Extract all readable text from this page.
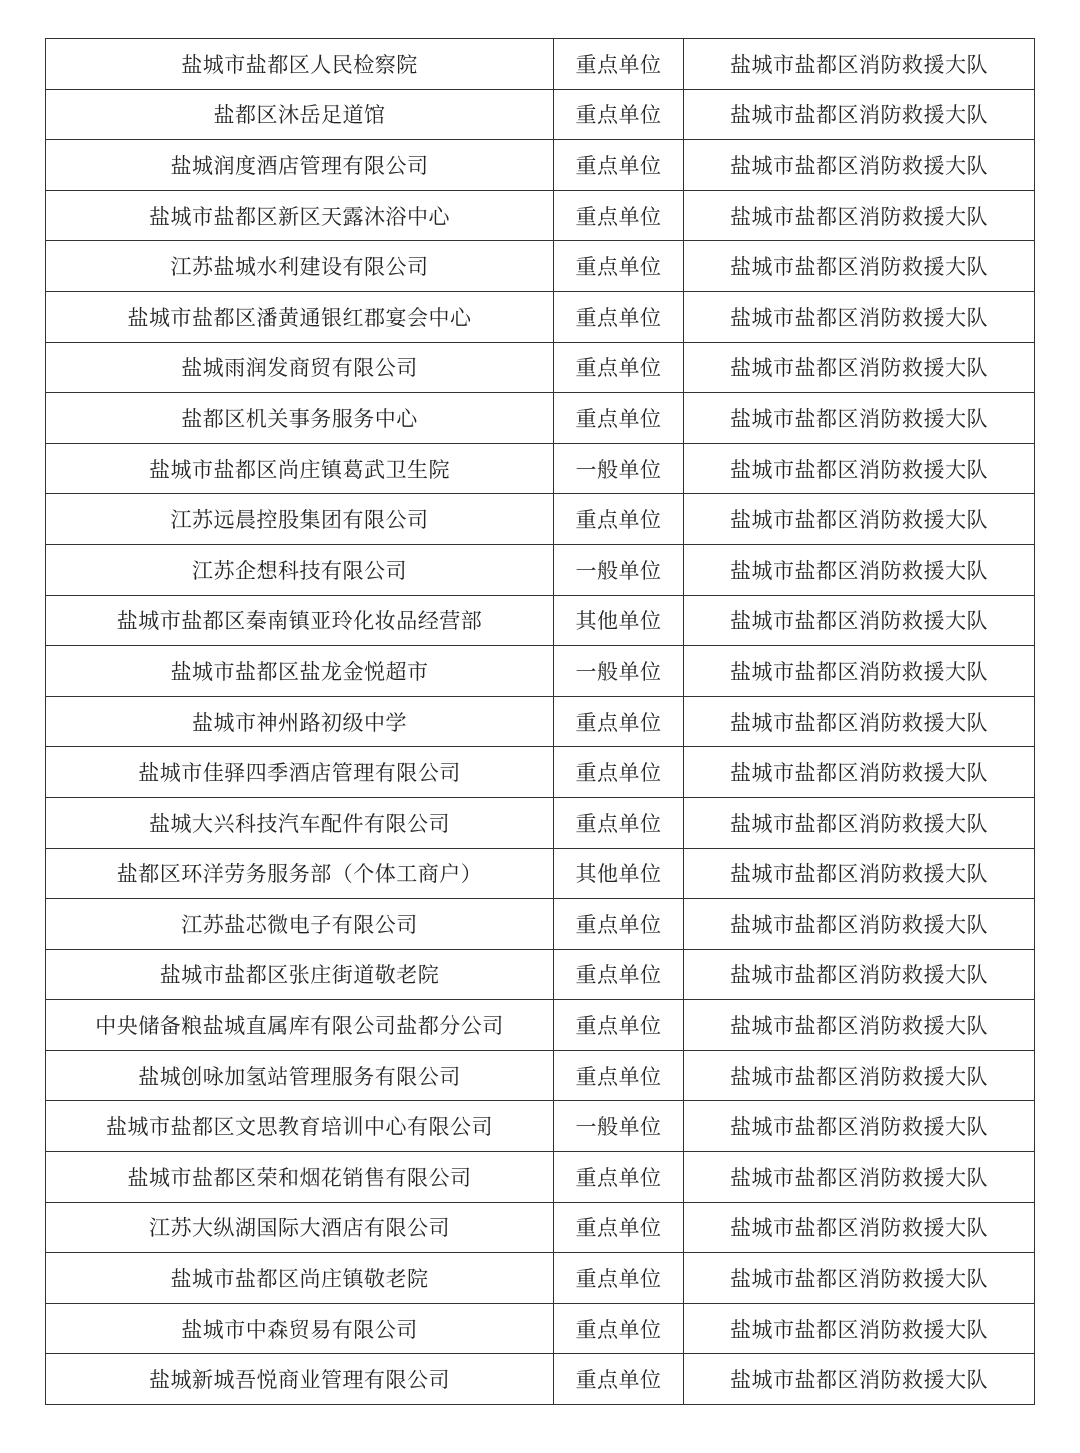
盐城市盐都区人民检察院	重点单位	盐城市盐都区消防救援大队
盐都区沐岳足道馆	重点单位	盐城市盐都区消防救援大队
盐城润度酒店管理有限公司	重点单位	盐城市盐都区消防救援大队
盐城市盐都区新区天露沐浴中心	重点单位	盐城市盐都区消防救援大队
江苏盐城水利建设有限公司	重点单位	盐城市盐都区消防救援大队
盐城市盐都区潘黄通银红郡宴会中心	重点单位	盐城市盐都区消防救援大队
盐城雨润发商贸有限公司	重点单位	盐城市盐都区消防救援大队
盐都区机关事务服务中心	重点单位	盐城市盐都区消防救援大队
盐城市盐都区尚庄镇葛武卫生院	一般单位	盐城市盐都区消防救援大队
江苏远晨控股集团有限公司	重点单位	盐城市盐都区消防救援大队
江苏企想科技有限公司	一般单位	盐城市盐都区消防救援大队
盐城市盐都区秦南镇亚玲化妆品经营部	其他单位	盐城市盐都区消防救援大队
盐城市盐都区盐龙金悦超市	一般单位	盐城市盐都区消防救援大队
盐城市神州路初级中学	重点单位	盐城市盐都区消防救援大队
盐城市佳驿四季酒店管理有限公司	重点单位	盐城市盐都区消防救援大队
盐城大兴科技汽车配件有限公司	重点单位	盐城市盐都区消防救援大队
盐都区环洋劳务服务部（个体工商户）	其他单位	盐城市盐都区消防救援大队
江苏盐芯微电子有限公司	重点单位	盐城市盐都区消防救援大队
盐城市盐都区张庄街道敬老院	重点单位	盐城市盐都区消防救援大队
中央储备粮盐城直属库有限公司盐都分公司	重点单位	盐城市盐都区消防救援大队
盐城创咏加氢站管理服务有限公司	重点单位	盐城市盐都区消防救援大队
盐城市盐都区文思教育培训中心有限公司	一般单位	盐城市盐都区消防救援大队
盐城市盐都区荣和烟花销售有限公司	重点单位	盐城市盐都区消防救援大队
江苏大纵湖国际大酒店有限公司	重点单位	盐城市盐都区消防救援大队
盐城市盐都区尚庄镇敬老院	重点单位	盐城市盐都区消防救援大队
盐城市中森贸易有限公司	重点单位	盐城市盐都区消防救援大队
盐城新城吾悦商业管理有限公司	重点单位	盐城市盐都区消防救援大队
